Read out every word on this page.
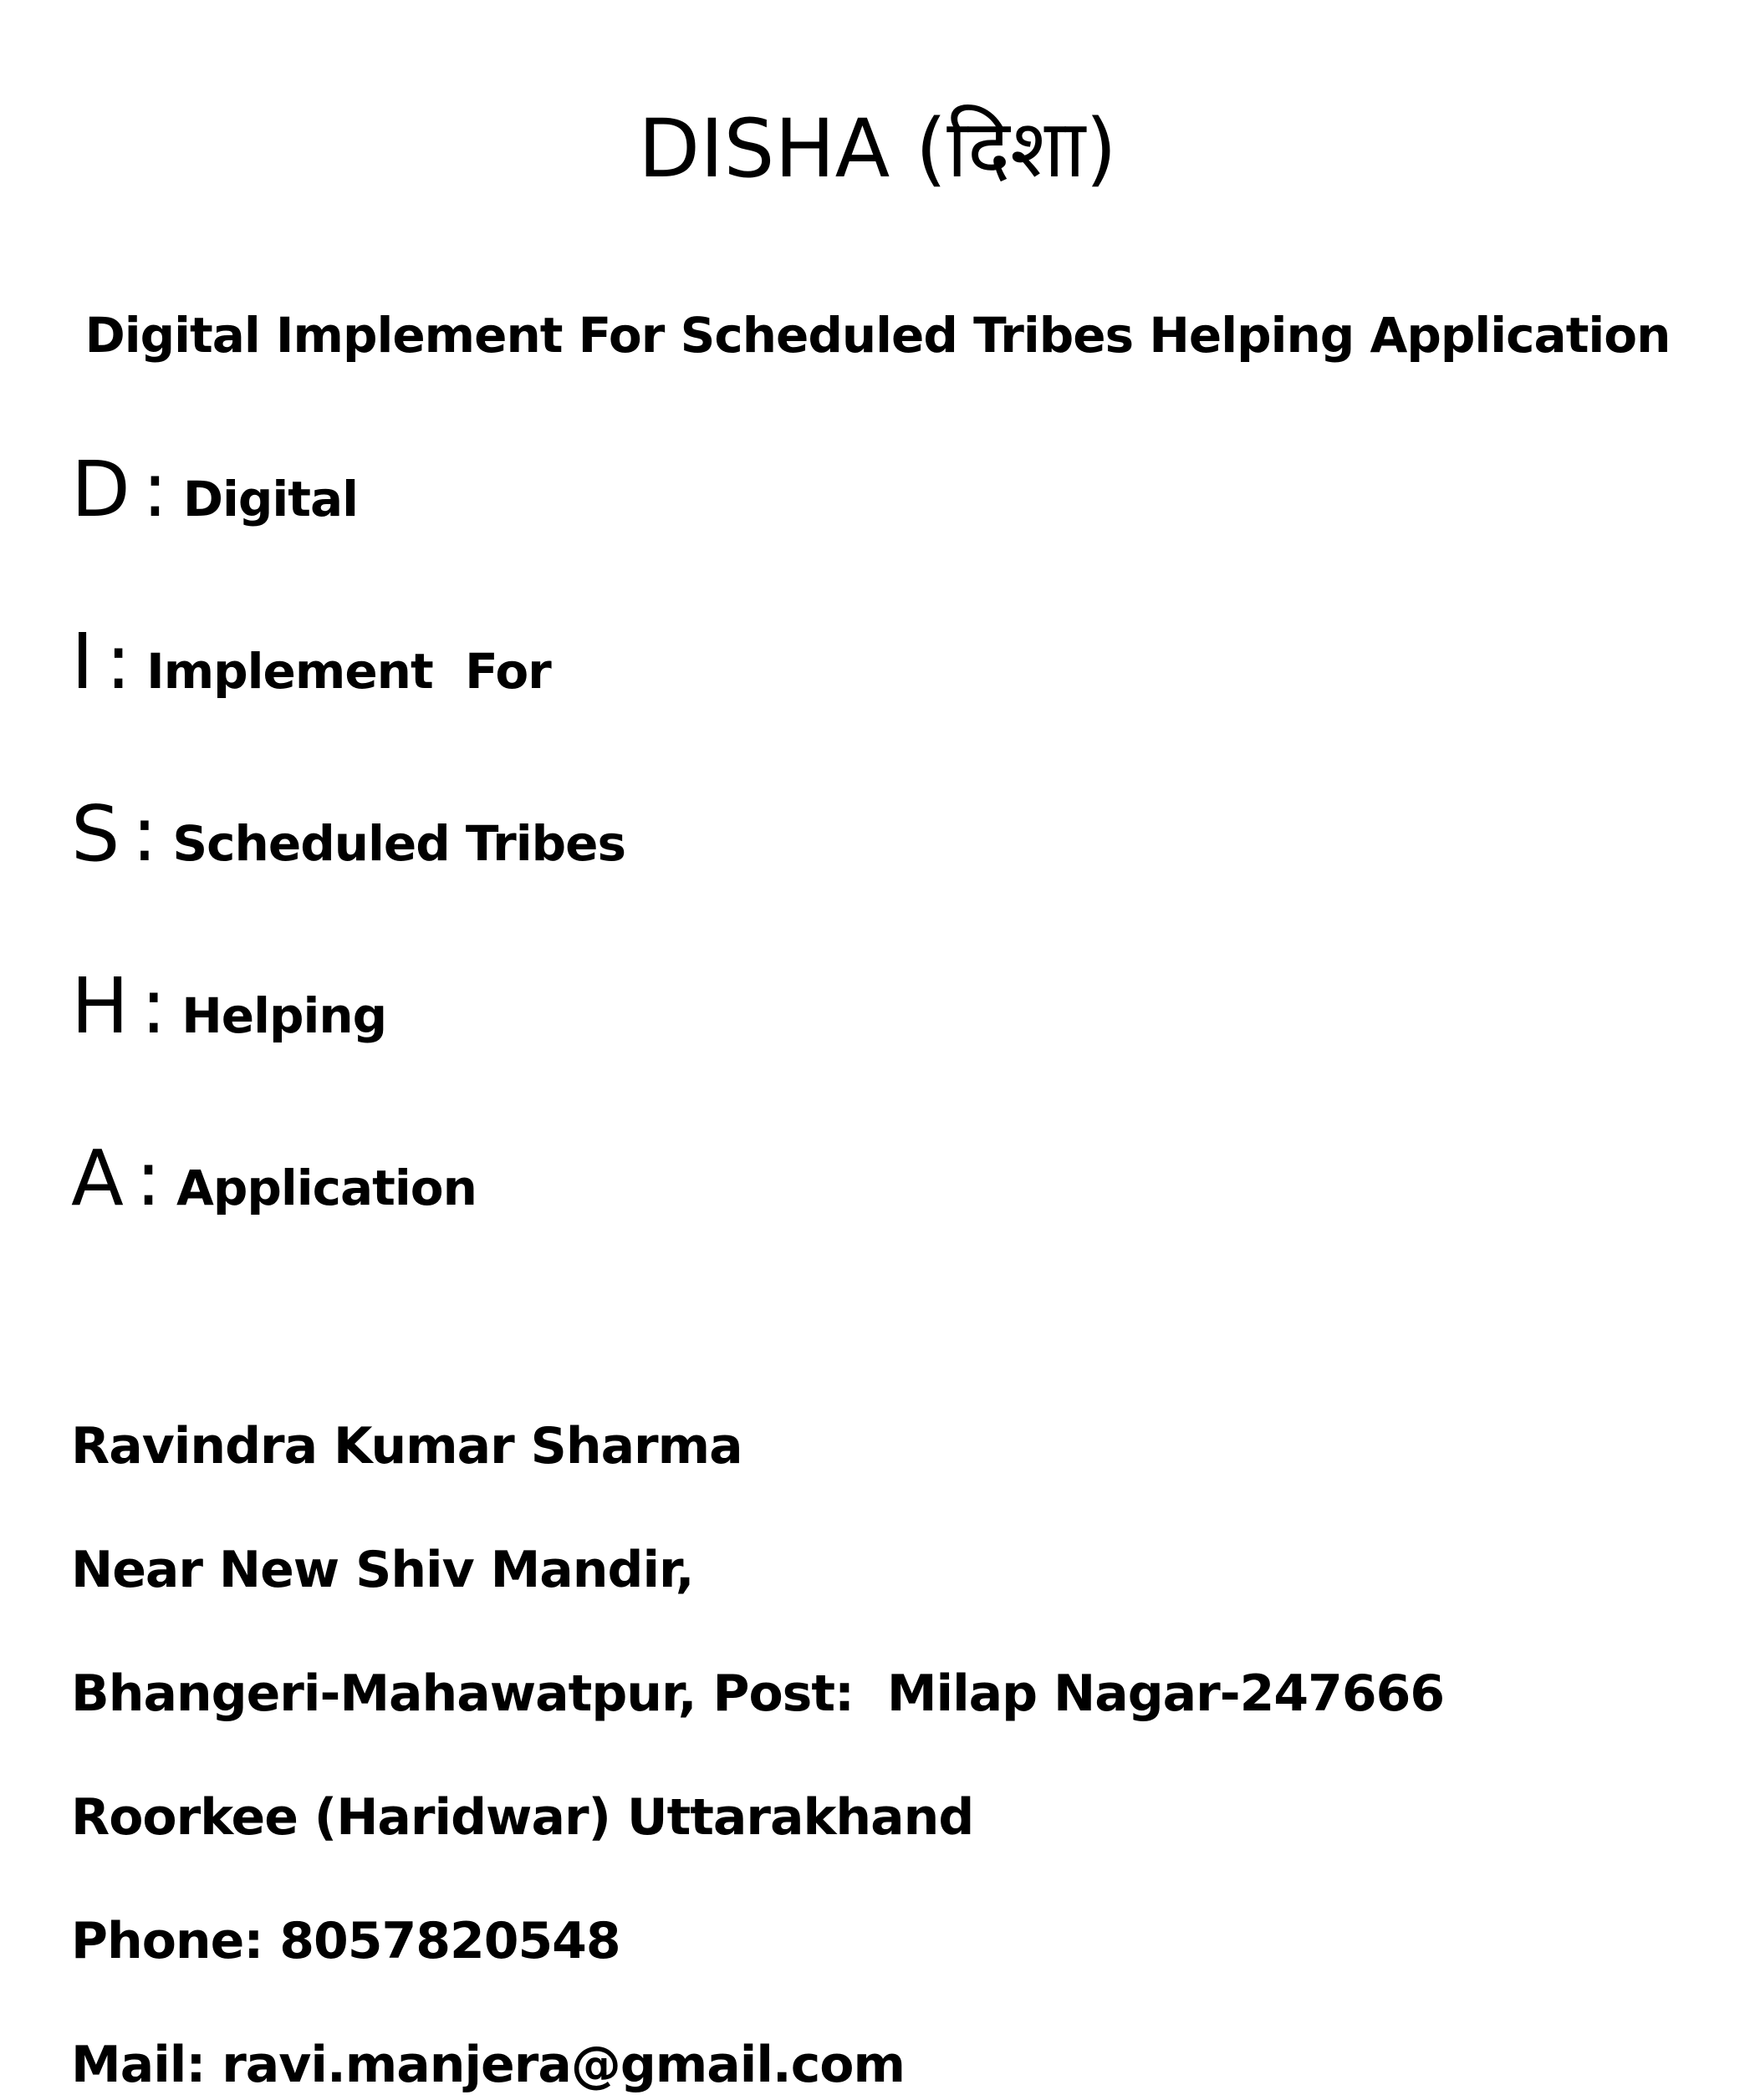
DISHA (दिशा)
Digital Implement For Scheduled Tribes Helping Application
D : Digital
I : Implement  For
S : Scheduled Tribes
H : Helping
A : Application
Ravindra Kumar Sharma
Near New Shiv Mandir,
Bhangeri-Mahawatpur, Post:  Milap Nagar-247666
Roorkee (Haridwar) Uttarakhand
Phone: 8057820548
Mail: ravi.manjera@gmail.com
